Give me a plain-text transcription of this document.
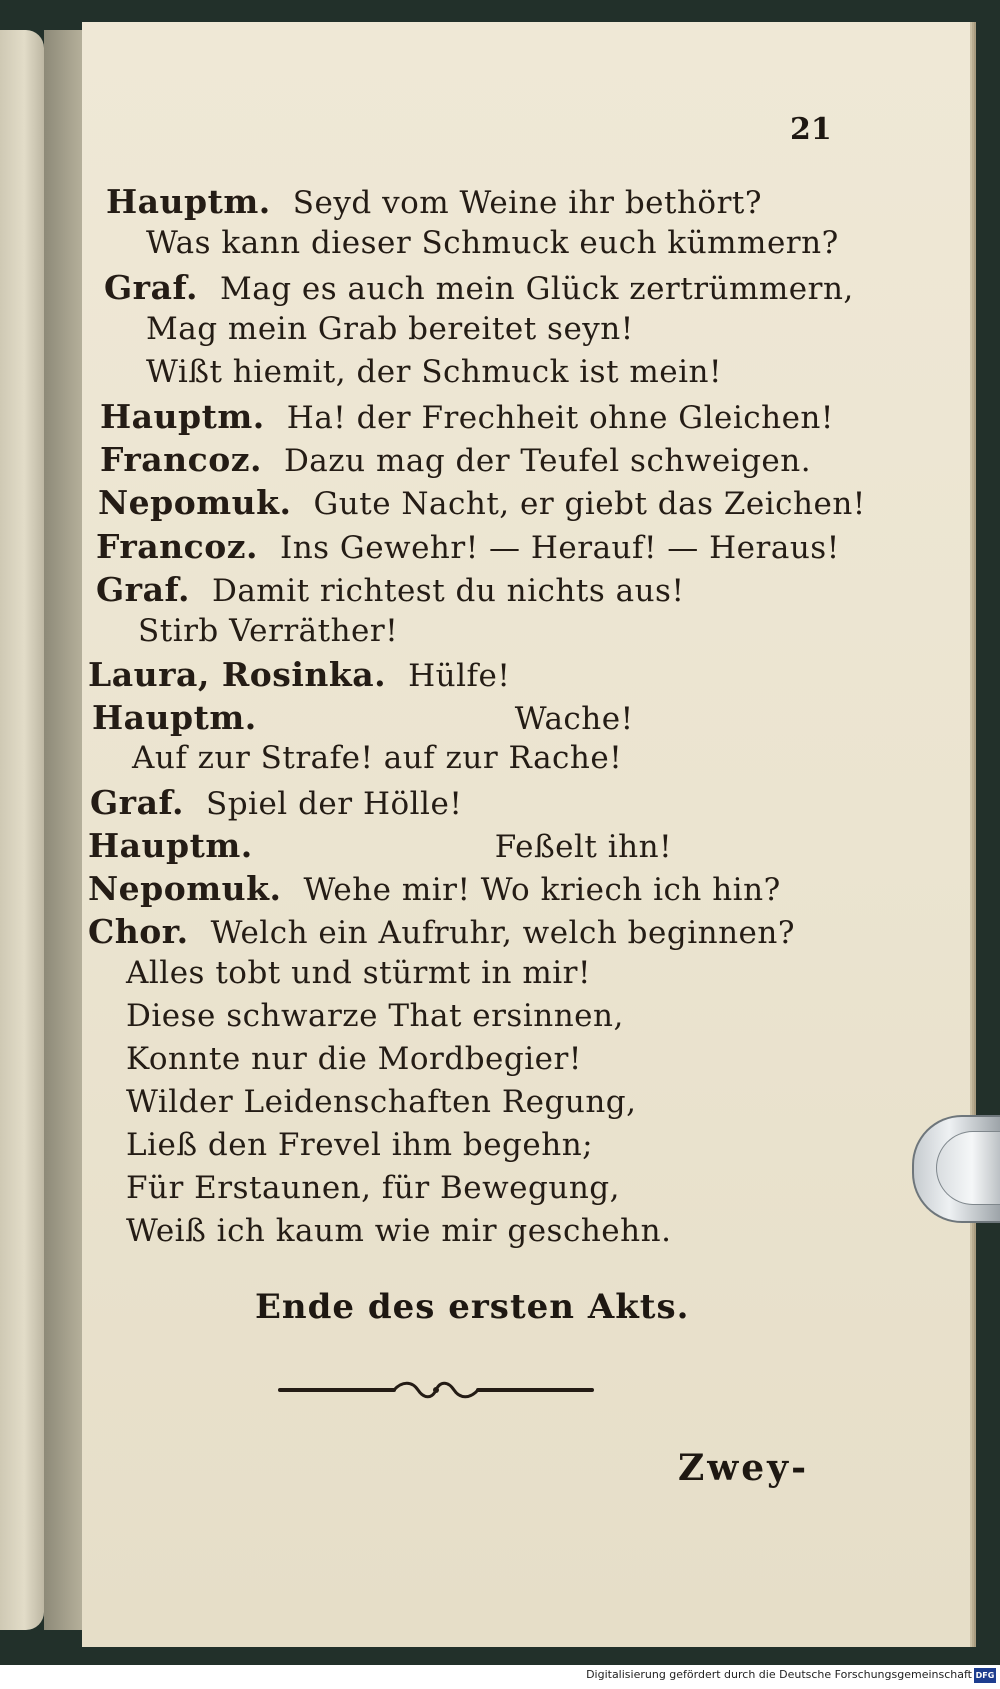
21
Hauptm. Seyd vom Weine ihr bethört?
Was kann dieser Schmuck euch kümmern?
Graf. Mag es auch mein Glück zertrümmern,
Mag mein Grab bereitet seyn!
Wißt hiemit, der Schmuck ist mein!
Hauptm. Ha! der Frechheit ohne Gleichen!
Francoz. Dazu mag der Teufel schweigen.
Nepomuk. Gute Nacht, er giebt das Zeichen!
Francoz. Ins Gewehr! — Herauf! — Heraus!
Graf. Damit richtest du nichts aus!
Stirb Verräther!
Laura, Rosinka. Hülfe!
Hauptm.	Wache!
Auf zur Strafe! auf zur Rache!
Graf. Spiel der Hölle!
Hauptm.	Feßelt ihn!
Nepomuk. Wehe mir! Wo kriech ich hin?
Chor. Welch ein Aufruhr, welch beginnen?
Alles tobt und stürmt in mir!
Diese schwarze That ersinnen,
Konnte nur die Mordbegier!
Wilder Leidenschaften Regung,
Ließ den Frevel ihm begehn;
Für Erstaunen, für Bewegung,
Weiß ich kaum wie mir geschehn.
Ende des ersten Akts.
Zwey-
Digitalisierung gefördert durch die Deutsche Forschungsgemeinschaft DFG
